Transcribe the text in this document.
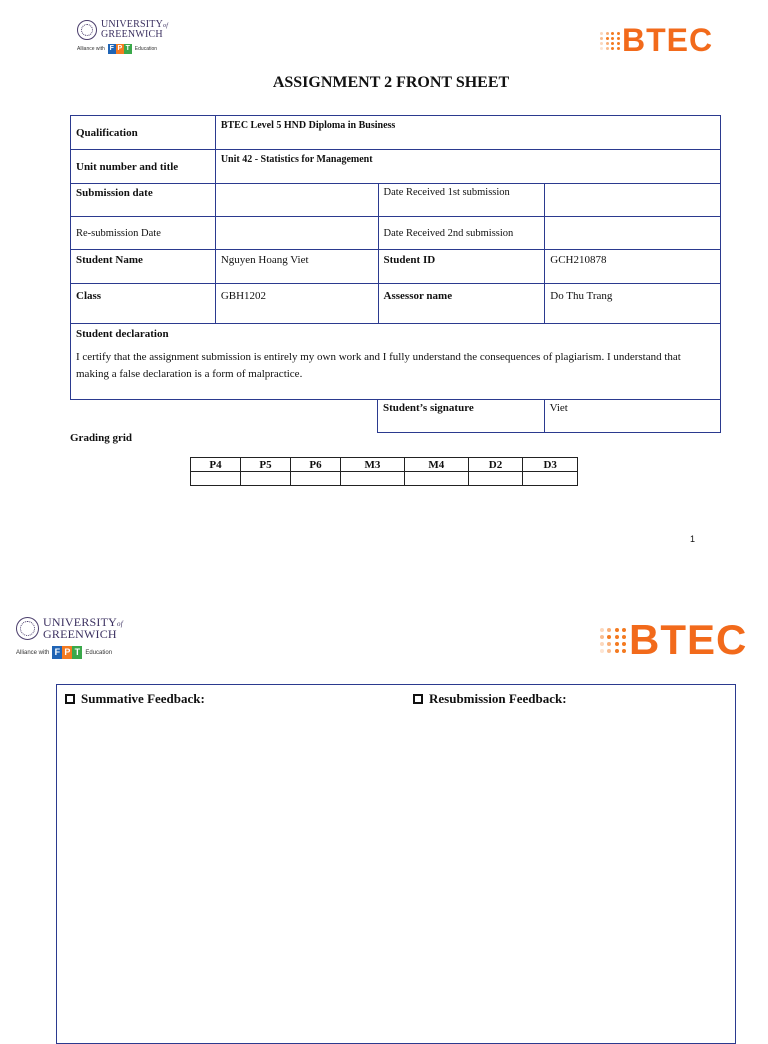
UNIVERSITYof
GREENWICH
Alliance with F P T Education	BTEC
ASSIGNMENT 2 FRONT SHEET
Qualification	BTEC Level 5 HND Diploma in Business		
Unit number and title	Unit 42 - Statistics for Management		
Submission date		Date Received 1st submission	
Re-submission Date		Date Received 2nd submission	
Student Name	Nguyen Hoang Viet	Student ID	GCH210878
Class	GBH1202	Assessor name	Do Thu Trang

Student declaration
I certify that the assignment submission is entirely my own work and I fully understand the consequences of plagiarism. I understand that making a false declaration is a form of malpractice.			
Student’s signature	Viet
Grading grid
P4	P5	P6	M3	M4	D2	D3

1
UNIVERSITYof
GREENWICH
Alliance with F P T Education	BTEC
Summative Feedback:	Resubmission Feedback:
